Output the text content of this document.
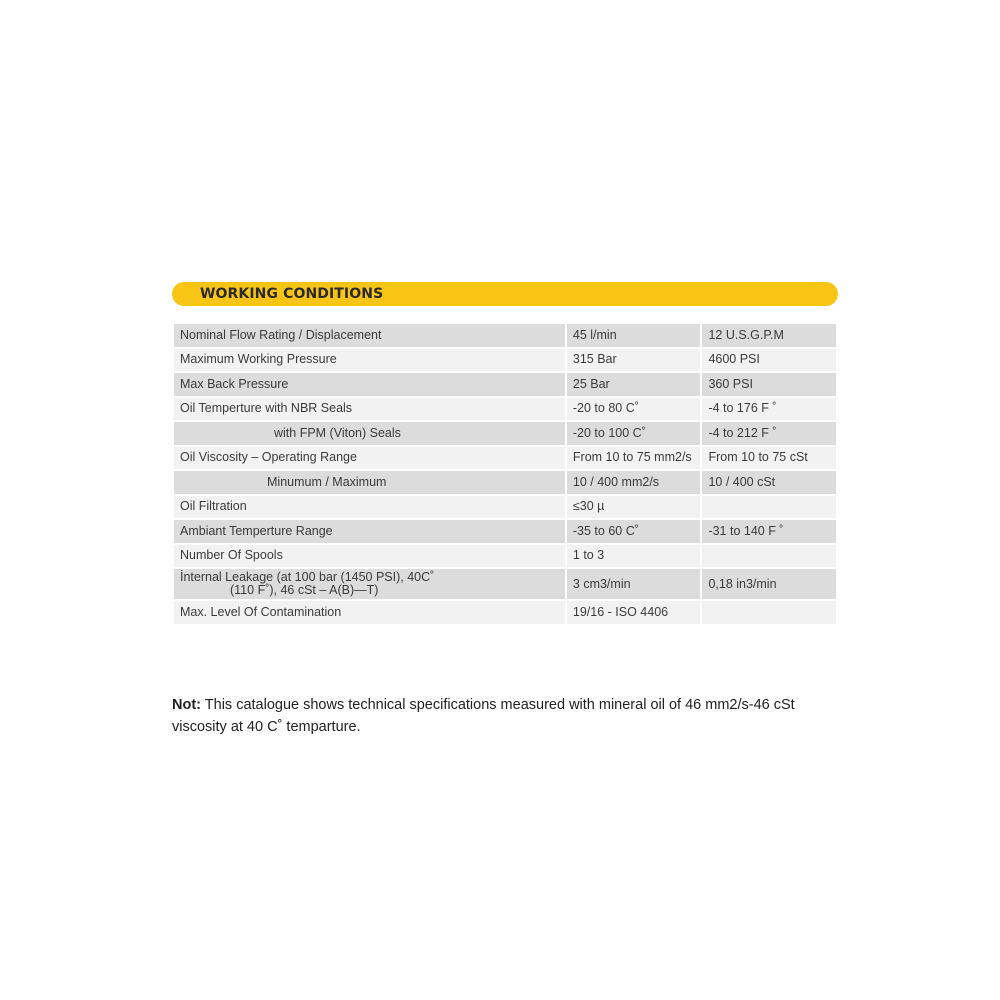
WORKING CONDITIONS
Nominal Flow Rating / Displacement	45 l/min	12 U.S.G.P.M
Maximum Working Pressure	315 Bar	4600 PSI
Max Back Pressure	25 Bar	360 PSI
Oil Temperture with NBR Seals	-20 to 80 C˚	-4 to 176 F ˚
with FPM (Viton) Seals	-20 to 100 C˚	-4 to 212 F ˚
Oil Viscosity – Operating Range	From 10 to 75 mm2/s	From 10 to 75 cSt
Minumum / Maximum	10 / 400 mm2/s	10 / 400 cSt
Oil Filtration	≤30 µ	
Ambiant Temperture Range	-35 to 60 C˚	-31 to 140 F ˚
Number Of Spools	1 to 3	
İnternal Leakage (at 100 bar (1450 PSI), 40C˚
(110 F˚), 46 cSt – A(B)—T)	3 cm3/min	0,18 in3/min
Max. Level Of Contamination	19/16 - ISO 4406	

Not: This catalogue shows technical specifications measured with mineral oil of 46 mm2/s-46 cSt viscosity at 40 C˚ temparture.
